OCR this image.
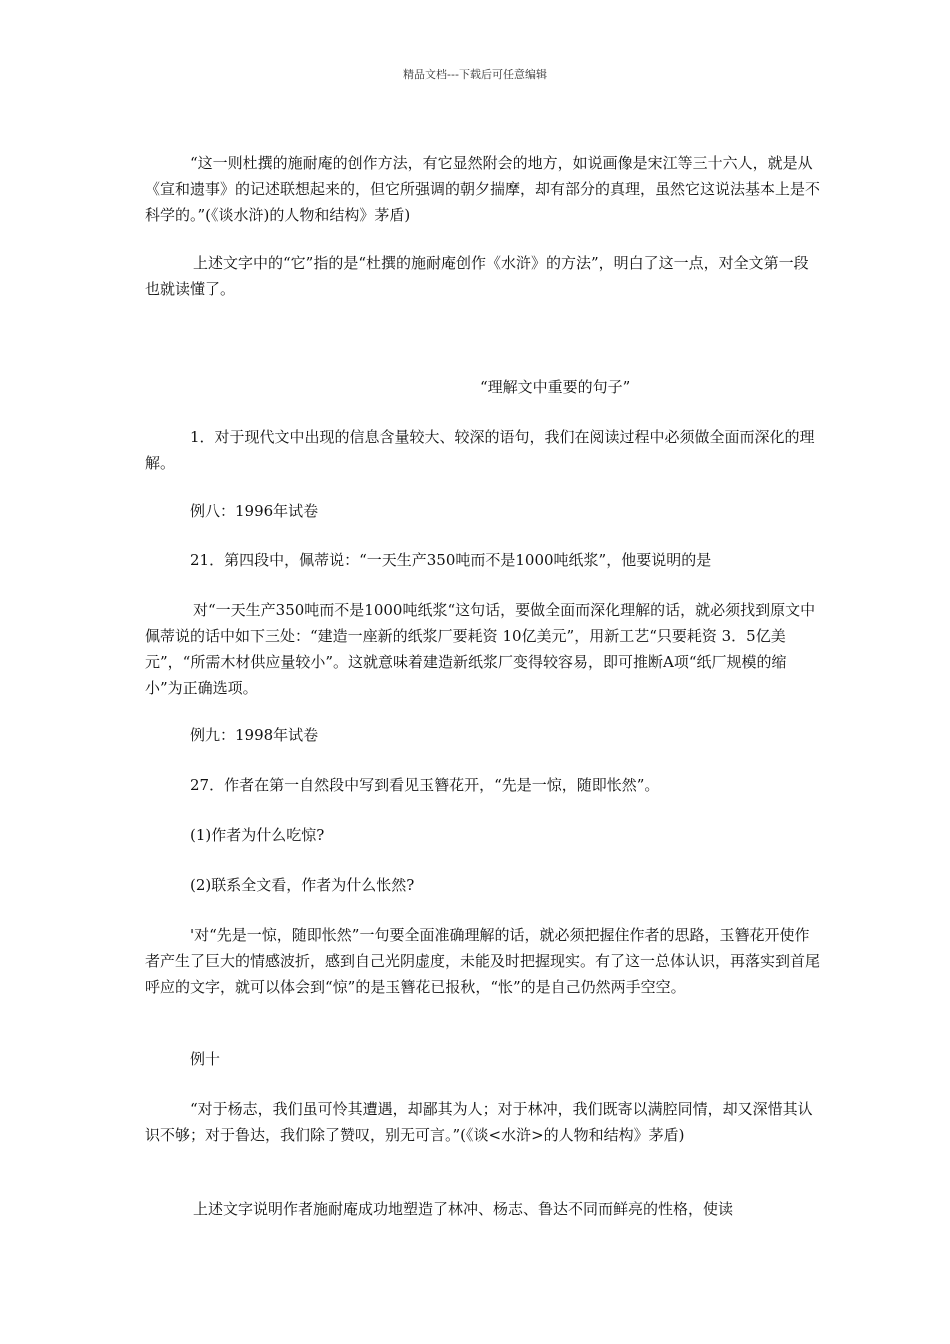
精品文档---下载后可任意编辑

“这一则杜撰的施耐庵的创作方法，有它显然附会的地方，如说画像是宋江等三十六人，就是从《宣和遗事》的记述联想起来的，但它所强调的朝夕揣摩，却有部分的真理，虽然它这说法基本上是不科学的。”(《谈水浒)的人物和结构》茅盾)

上述文字中的“它”指的是“杜撰的施耐庵创作《水浒》的方法”，明白了这一点，对全文第一段也就读懂了。

“理解文中重要的句子”

1．对于现代文中出现的信息含量较大、较深的语句，我们在阅读过程中必须做全面而深化的理解。

例八：1996年试卷

21．第四段中，佩蒂说：“一天生产350吨而不是1000吨纸浆”，他要说明的是

对“一天生产350吨而不是1000吨纸浆“这句话，要做全面而深化理解的话，就必须找到原文中佩蒂说的话中如下三处：“建造一座新的纸浆厂要耗资 10亿美元”，用新工艺“只要耗资 3．5亿美元”，“所需木材供应量较小”。这就意味着建造新纸浆厂变得较容易，即可推断A项“纸厂规模的缩小”为正确选项。

例九：1998年试卷

27．作者在第一自然段中写到看见玉簪花开，“先是一惊，随即怅然”。

(1)作者为什么吃惊?

(2)联系全文看，作者为什么怅然?

'对“先是一惊，随即怅然”一句要全面准确理解的话，就必须把握住作者的思路，玉簪花开使作者产生了巨大的情感波折，感到自己光阴虚度，未能及时把握现实。有了这一总体认识，再落实到首尾呼应的文字，就可以体会到“惊”的是玉簪花已报秋，“怅”的是自己仍然两手空空。

例十

“对于杨志，我们虽可怜其遭遇，却鄙其为人；对于林冲，我们既寄以满腔同情，却又深惜其认识不够；对于鲁达，我们除了赞叹，别无可言。”(《谈<水浒>的人物和结构》茅盾)

上述文字说明作者施耐庵成功地塑造了林冲、杨志、鲁达不同而鲜亮的性格，使读
